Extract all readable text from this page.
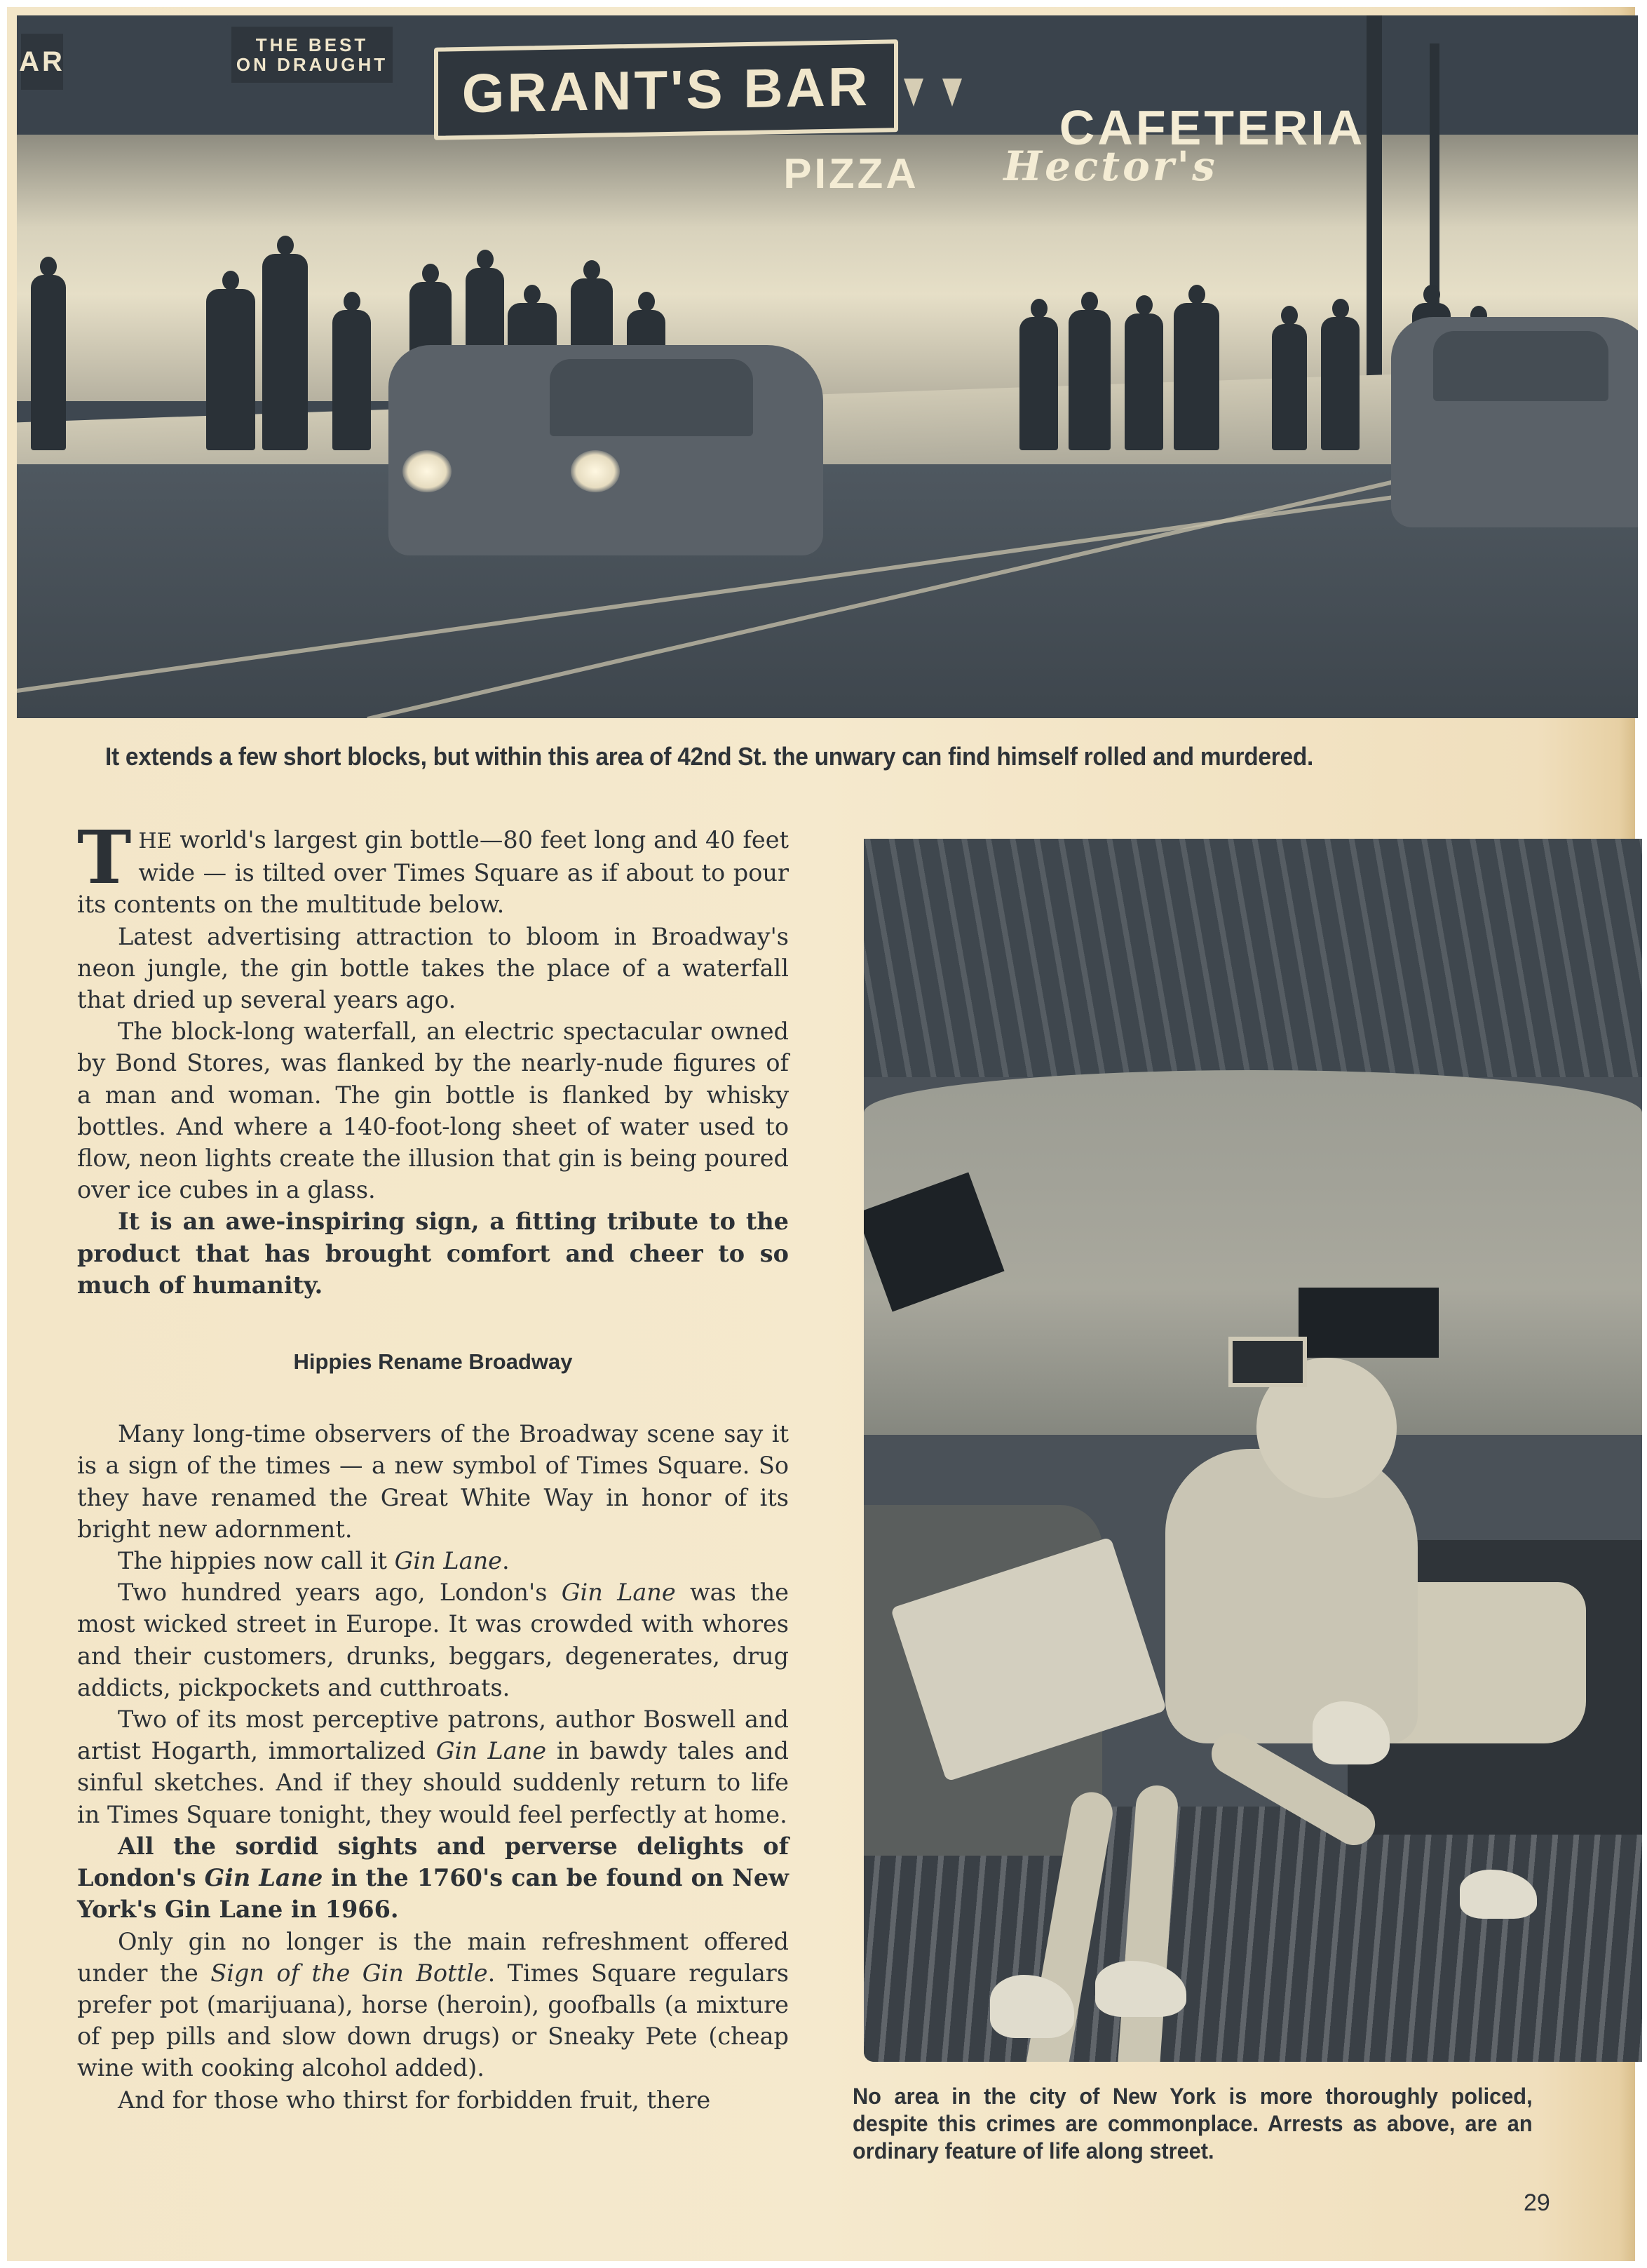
AR
THE BEST
ON DRAUGHT GRANT'S BAR
PIZZA Hector's
CAFETERIA
It extends a few short blocks, but within this area of 42nd St. the unwary can find himself rolled and murdered.

THE world's largest gin bottle—80 feet long and 40 feet wide — is tilted over Times Square as if about to pour its contents on the multitude below.

Latest advertising attraction to bloom in Broadway's neon jungle, the gin bottle takes the place of a waterfall that dried up several years ago.

The block-long waterfall, an electric spectacular owned by Bond Stores, was flanked by the nearly-nude figures of a man and woman. The gin bottle is flanked by whisky bottles. And where a 140-foot-long sheet of water used to flow, neon lights create the illusion that gin is being poured over ice cubes in a glass.

It is an awe-inspiring sign, a fitting tribute to the product that has brought comfort and cheer to so much of humanity.

Hippies Rename Broadway

Many long-time observers of the Broadway scene say it is a sign of the times — a new symbol of Times Square. So they have renamed the Great White Way in honor of its bright new adornment.

The hippies now call it Gin Lane.

Two hundred years ago, London's Gin Lane was the most wicked street in Europe. It was crowded with whores and their customers, drunks, beggars, degenerates, drug addicts, pickpockets and cutthroats.

Two of its most perceptive patrons, author Boswell and artist Hogarth, immortalized Gin Lane in bawdy tales and sinful sketches. And if they should suddenly return to life in Times Square tonight, they would feel perfectly at home.

All the sordid sights and perverse delights of London's Gin Lane in the 1760's can be found on New York's Gin Lane in 1966.

Only gin no longer is the main refreshment offered under the Sign of the Gin Bottle. Times Square regulars prefer pot (marijuana), horse (heroin), goofballs (a mixture of pep pills and slow down drugs) or Sneaky Pete (cheap wine with cooking alcohol added).

And for those who thirst for forbidden fruit, there	No area in the city of New York is more thoroughly policed, despite this crimes are commonplace. Arrests as above, are an ordinary feature of life along street.
29
